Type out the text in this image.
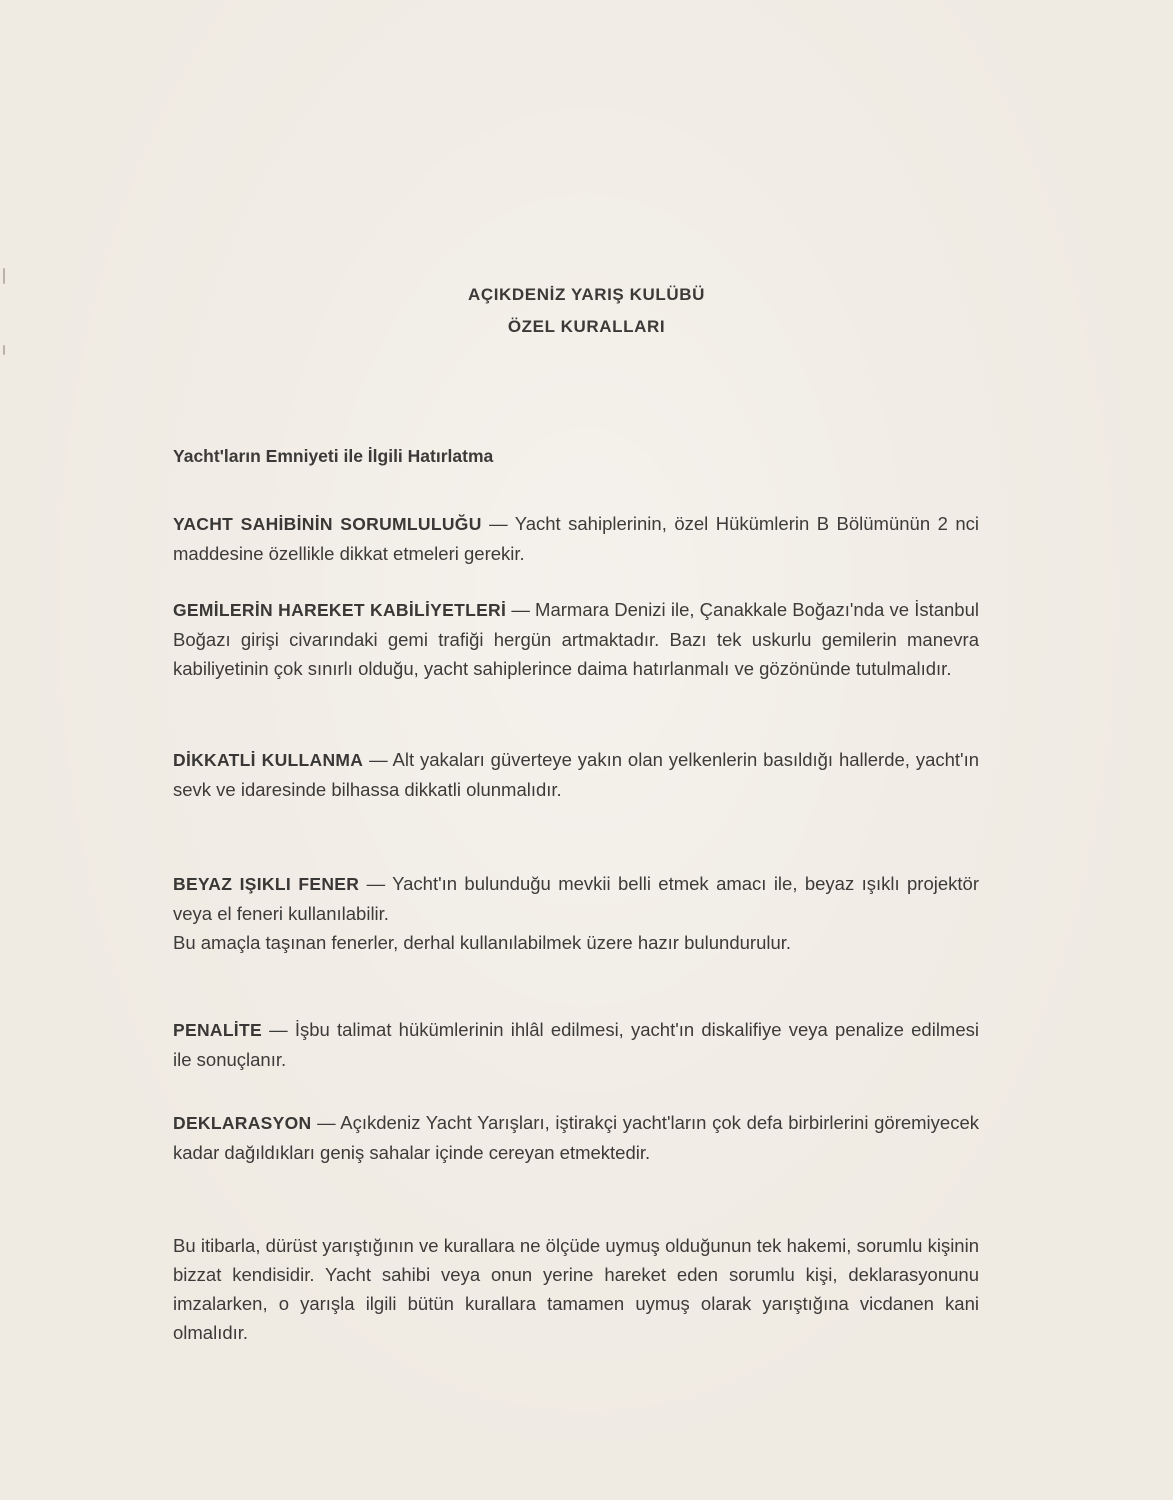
AÇIKDENİZ YARIŞ KULÜBÜ
ÖZEL KURALLARI
Yacht'ların Emniyeti ile İlgili Hatırlatma
YACHT SAHİBİNİN SORUMLULUĞU — Yacht sahiplerinin, özel Hükümlerin B Bölümünün 2 nci maddesine özellikle dikkat etmeleri gerekir.
GEMİLERİN HAREKET KABİLİYETLERİ — Marmara Denizi ile, Çanakkale Boğazı'nda ve İstanbul Boğazı girişi civarındaki gemi trafiği hergün artmaktadır. Bazı tek uskurlu gemilerin manevra kabiliyetinin çok sınırlı olduğu, yacht sahiplerince daima hatırlanmalı ve gözönünde tutulmalıdır.
DİKKATLİ KULLANMA — Alt yakaları güverteye yakın olan yelkenlerin basıldığı hallerde, yacht'ın sevk ve idaresinde bilhassa dikkatli olunmalıdır.
BEYAZ IŞIKLI FENER — Yacht'ın bulunduğu mevkii belli etmek amacı ile, beyaz ışıklı projektör veya el feneri kullanılabilir.
Bu amaçla taşınan fenerler, derhal kullanılabilmek üzere hazır bulundurulur.
PENALİTE — İşbu talimat hükümlerinin ihlâl edilmesi, yacht'ın diskalifiye veya penalize edilmesi ile sonuçlanır.
DEKLARASYON — Açıkdeniz Yacht Yarışları, iştirakçi yacht'ların çok defa birbirlerini göremiyecek kadar dağıldıkları geniş sahalar içinde cereyan etmektedir.
Bu itibarla, dürüst yarıştığının ve kurallara ne ölçüde uymuş olduğunun tek hakemi, sorumlu kişinin bizzat kendisidir. Yacht sahibi veya onun yerine hareket eden sorumlu kişi, deklarasyonunu imzalarken, o yarışla ilgili bütün kurallara tamamen uymuş olarak yarıştığına vicdanen kani olmalıdır.
